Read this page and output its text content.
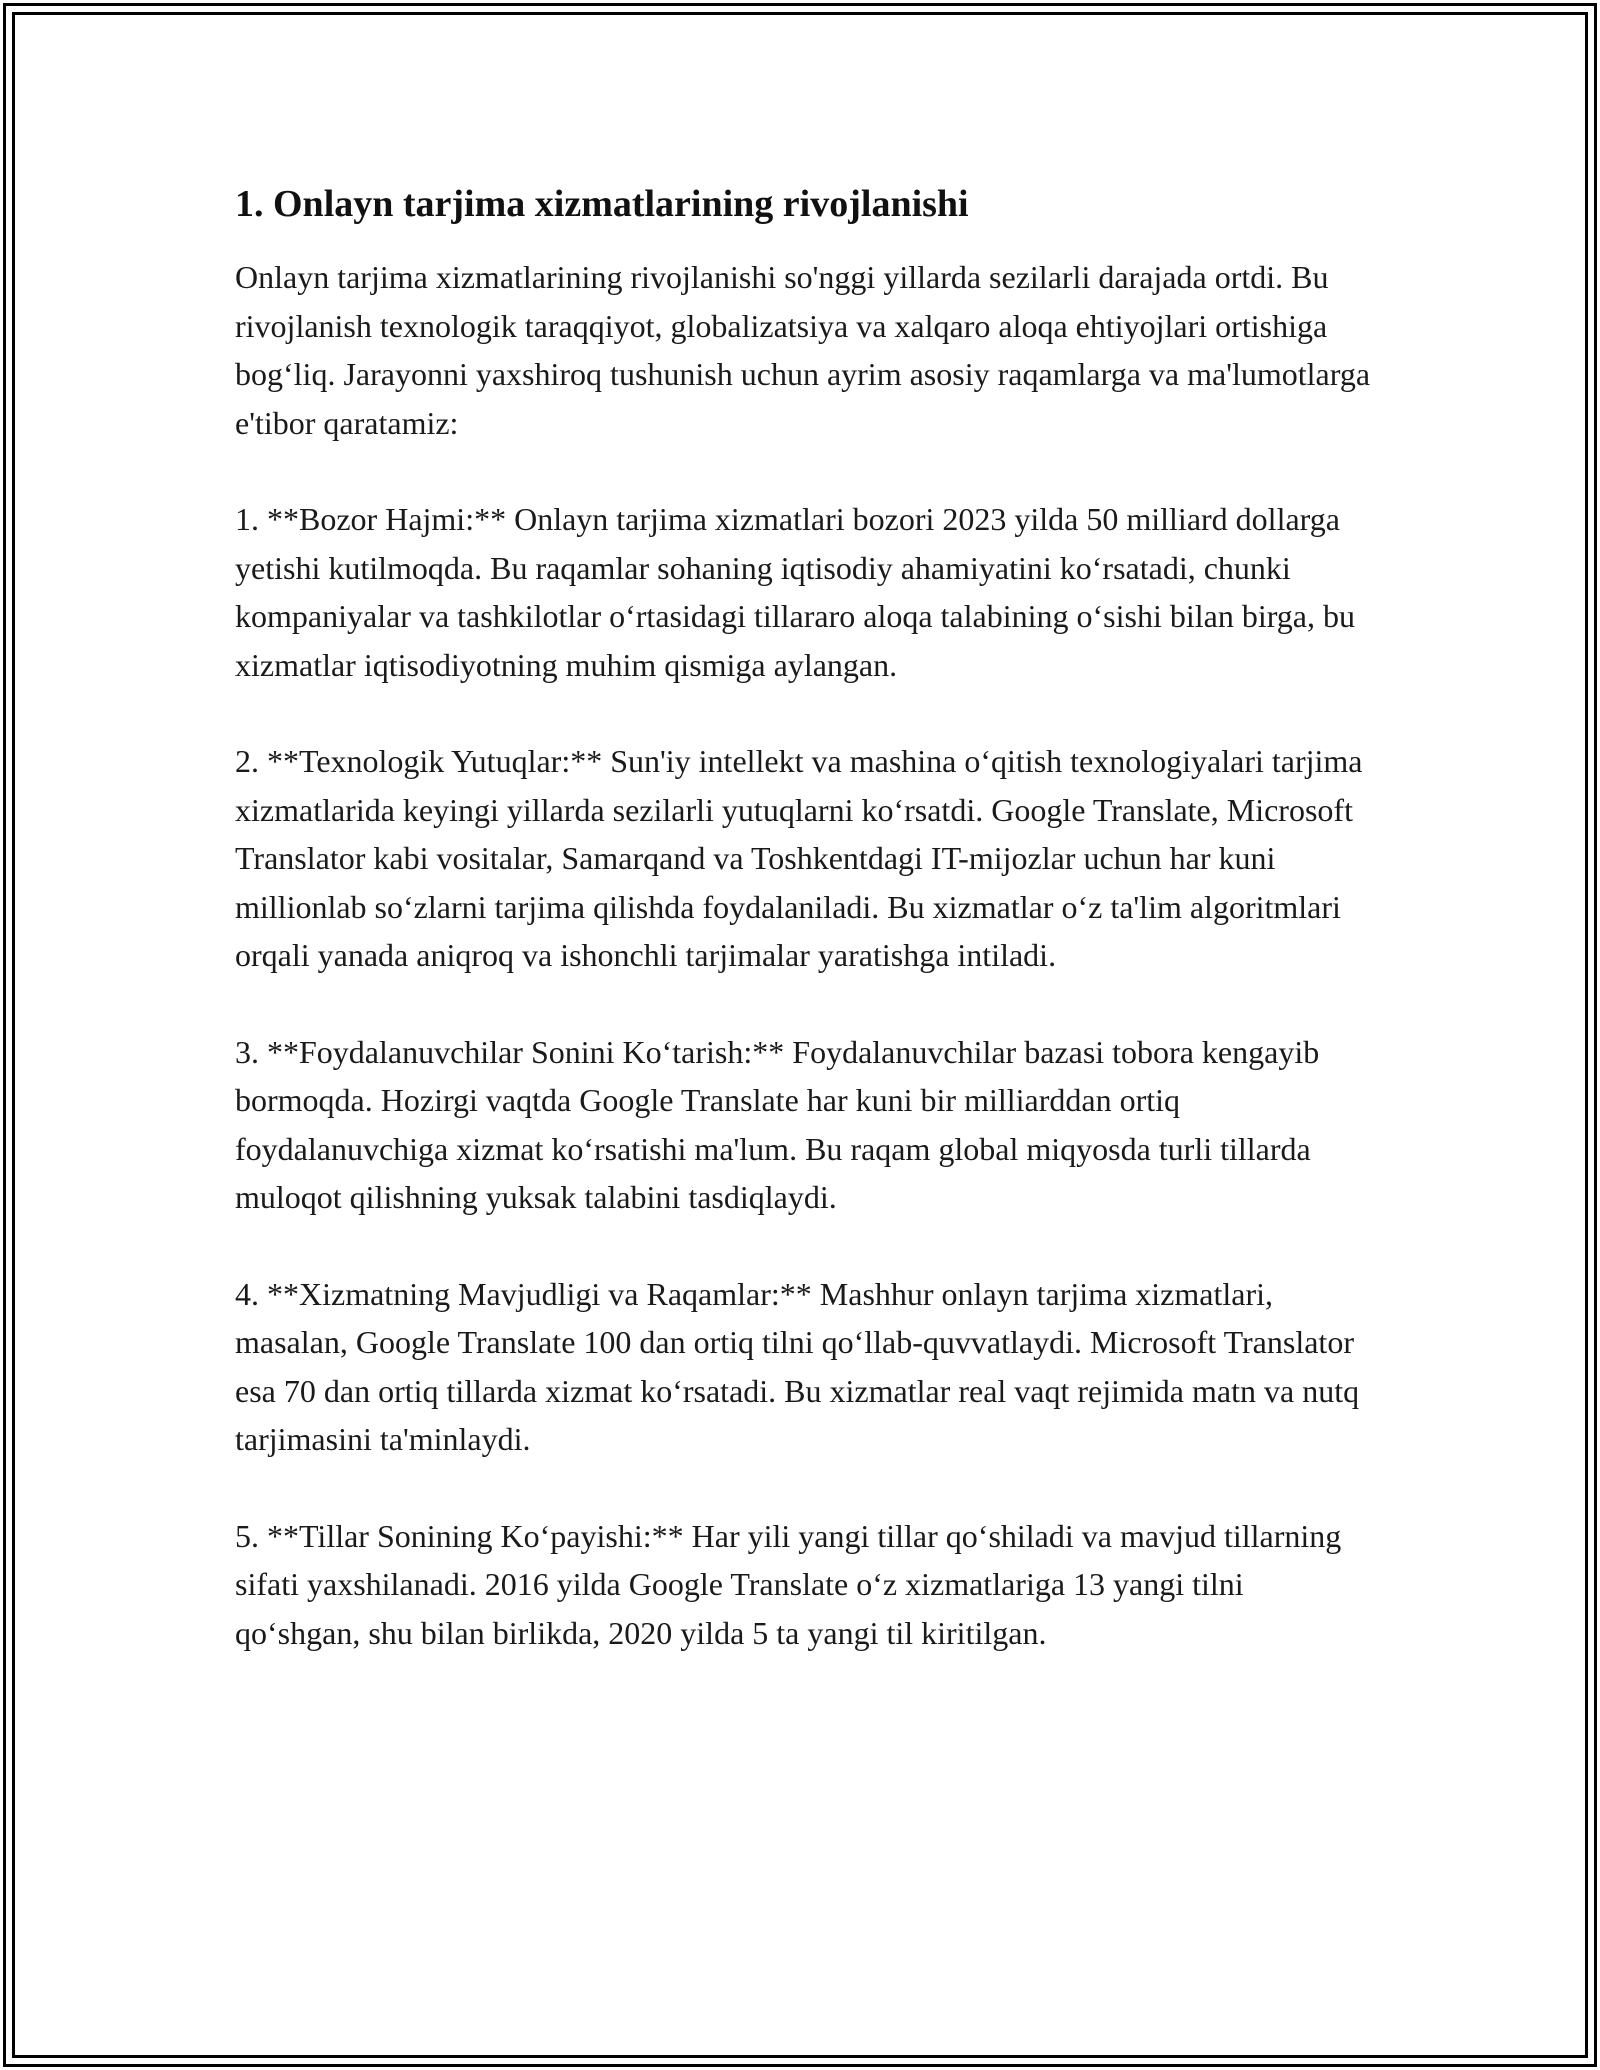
1. Onlayn tarjima xizmatlarining rivojlanishi

Onlayn tarjima xizmatlarining rivojlanishi so'nggi yillarda sezilarli darajada ortdi. Bu rivojlanish texnologik taraqqiyot, globalizatsiya va xalqaro aloqa ehtiyojlari ortishiga bog‘liq. Jarayonni yaxshiroq tushunish uchun ayrim asosiy raqamlarga va ma'lumotlarga e'tibor qaratamiz:

1. **Bozor Hajmi:** Onlayn tarjima xizmatlari bozori 2023 yilda 50 milliard dollarga yetishi kutilmoqda. Bu raqamlar sohaning iqtisodiy ahamiyatini ko‘rsatadi, chunki kompaniyalar va tashkilotlar o‘rtasidagi tillararo aloqa talabining o‘sishi bilan birga, bu xizmatlar iqtisodiyotning muhim qismiga aylangan.

2. **Texnologik Yutuqlar:** Sun'iy intellekt va mashina o‘qitish texnologiyalari tarjima xizmatlarida keyingi yillarda sezilarli yutuqlarni ko‘rsatdi. Google Translate, Microsoft Translator kabi vositalar, Samarqand va Toshkentdagi IT-mijozlar uchun har kuni millionlab so‘zlarni tarjima qilishda foydalaniladi. Bu xizmatlar o‘z ta'lim algoritmlari orqali yanada aniqroq va ishonchli tarjimalar yaratishga intiladi.

3. **Foydalanuvchilar Sonini Ko‘tarish:** Foydalanuvchilar bazasi tobora kengayib bormoqda. Hozirgi vaqtda Google Translate har kuni bir milliarddan ortiq foydalanuvchiga xizmat ko‘rsatishi ma'lum. Bu raqam global miqyosda turli tillarda muloqot qilishning yuksak talabini tasdiqlaydi.

4. **Xizmatning Mavjudligi va Raqamlar:** Mashhur onlayn tarjima xizmatlari, masalan, Google Translate 100 dan ortiq tilni qo‘llab-quvvatlaydi. Microsoft Translator esa 70 dan ortiq tillarda xizmat ko‘rsatadi. Bu xizmatlar real vaqt rejimida matn va nutq tarjimasini ta'minlaydi.

5. **Tillar Sonining Ko‘payishi:** Har yili yangi tillar qo‘shiladi va mavjud tillarning sifati yaxshilanadi. 2016 yilda Google Translate o‘z xizmatlariga 13 yangi tilni qo‘shgan, shu bilan birlikda, 2020 yilda 5 ta yangi til kiritilgan.
